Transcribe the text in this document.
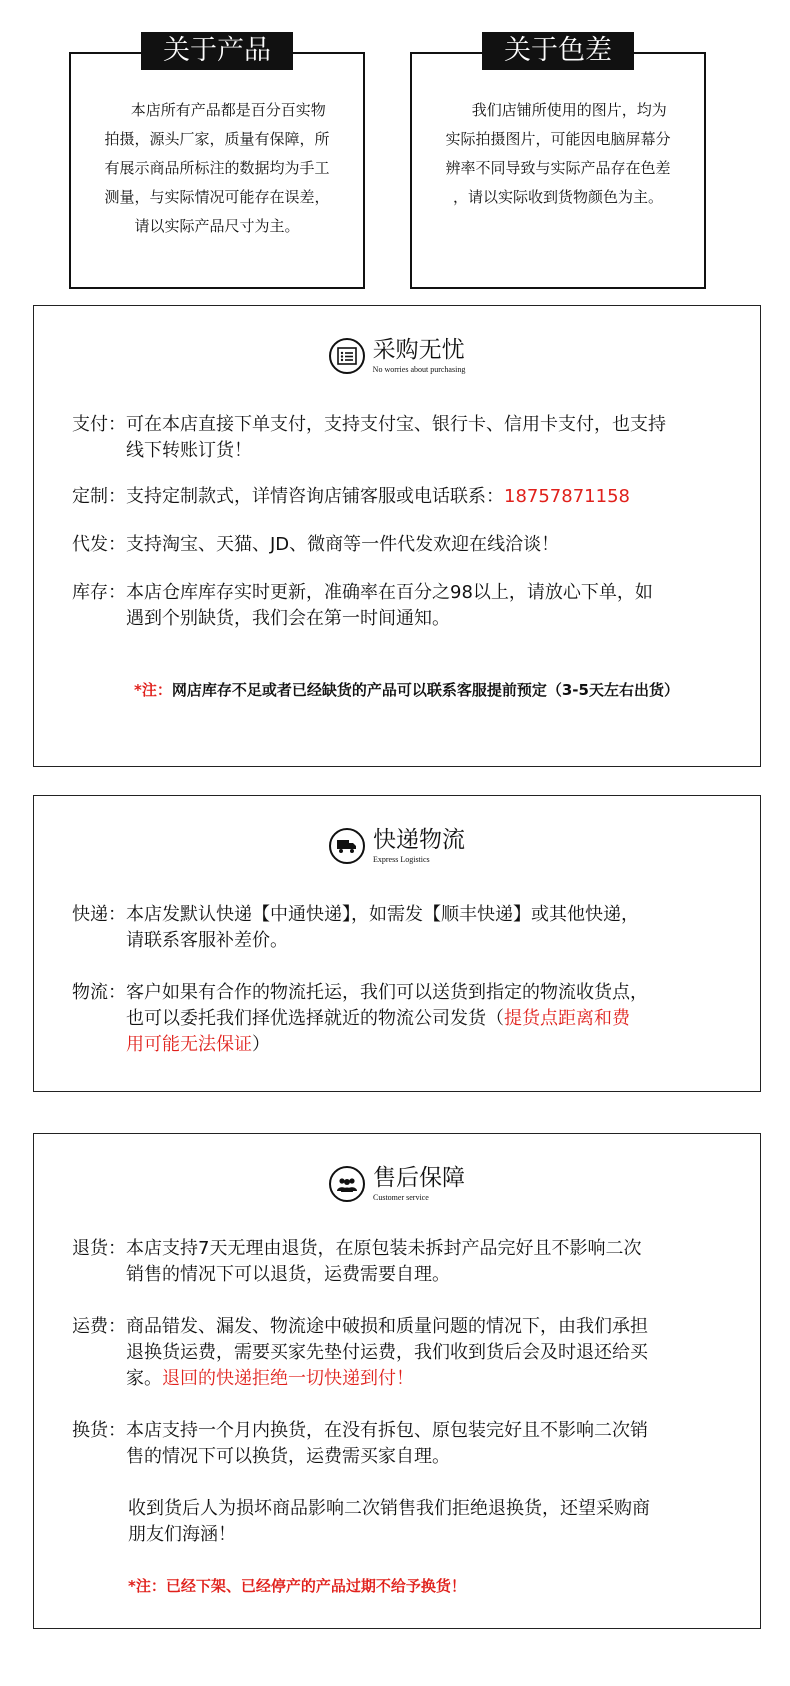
关于产品

本店所有产品都是百分百实物

拍摄，源头厂家，质量有保障，所

有展示商品所标注的数据均为手工

测量，与实际情况可能存在误差，

请以实际产品尺寸为主。

关于色差

我们店铺所使用的图片，均为

实际拍摄图片，可能因电脑屏幕分

辨率不同导致与实际产品存在色差

，请以实际收到货物颜色为主。

采购无忧
No worries about purchasing
支付： 可在本店直接下单支付，支持支付宝、银行卡、信用卡支付，也支持
线下转账订货！
定制： 支持定制款式，详情咨询店铺客服或电话联系：18757871158
代发： 支持淘宝、天猫、JD、微商等一件代发欢迎在线洽谈！
库存： 本店仓库库存实时更新，准确率在百分之98以上，请放心下单，如
遇到个别缺货，我们会在第一时间通知。
*注：网店库存不足或者已经缺货的产品可以联系客服提前预定（3-5天左右出货）
快递物流
Express Logistics
快递： 本店发默认快递【中通快递】，如需发【顺丰快递】或其他快递，
请联系客服补差价。
物流： 客户如果有合作的物流托运，我们可以送货到指定的物流收货点，
也可以委托我们择优选择就近的物流公司发货（提货点距离和费
用可能无法保证）
售后保障
Customer service
退货： 本店支持7天无理由退货，在原包装未拆封产品完好且不影响二次
销售的情况下可以退货，运费需要自理。
运费： 商品错发、漏发、物流途中破损和质量问题的情况下，由我们承担
退换货运费，需要买家先垫付运费，我们收到货后会及时退还给买
家。退回的快递拒绝一切快递到付！
换货： 本店支持一个月内换货，在没有拆包、原包装完好且不影响二次销
售的情况下可以换货，运费需买家自理。
收到货后人为损坏商品影响二次销售我们拒绝退换货，还望采购商
朋友们海涵！
*注：已经下架、已经停产的产品过期不给予换货！
